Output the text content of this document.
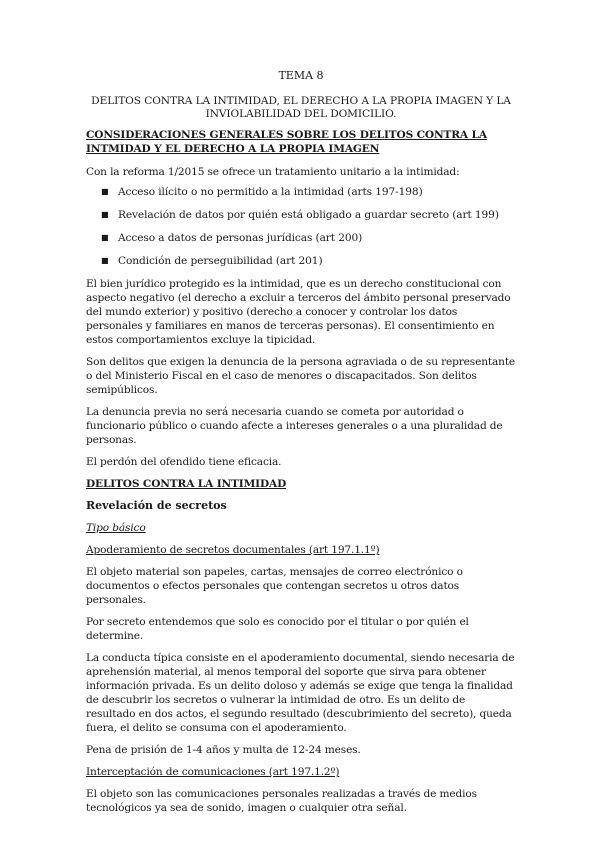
TEMA 8
DELITOS CONTRA LA INTIMIDAD, EL DERECHO A LA PROPIA IMAGEN Y LA
INVIOLABILIDAD DEL DOMICILIO.
CONSIDERACIONES GENERALES SOBRE LOS DELITOS CONTRA LA INTMIDAD Y EL DERECHO A LA PROPIA IMAGEN

Con la reforma 1/2015 se ofrece un tratamiento unitario a la intimidad:

■ Acceso ilícito o no permitido a la intimidad (arts 197-198)
■ Revelación de datos por quién está obligado a guardar secreto (art 199)
■ Acceso a datos de personas jurídicas (art 200)
■ Condición de perseguibilidad (art 201)

El bien jurídico protegido es la intimidad, que es un derecho constitucional con aspecto negativo (el derecho a excluir a terceros del ámbito personal preservado del mundo exterior) y positivo (derecho a conocer y controlar los datos personales y familiares en manos de terceras personas). El consentimiento en estos comportamientos excluye la tipicidad.

Son delitos que exigen la denuncia de la persona agraviada o de su representante o del Ministerio Fiscal en el caso de menores o discapacitados. Son delitos semipúblicos.

La denuncia previa no será necesaria cuando se cometa por autoridad o funcionario público o cuando afecte a intereses generales o a una pluralidad de personas.

El perdón del ofendido tiene eficacia.

DELITOS CONTRA LA INTIMIDAD
Revelación de secretos

Tipo básico

Apoderamiento de secretos documentales (art 197.1.1º)

El objeto material son papeles, cartas, mensajes de correo electrónico o documentos o efectos personales que contengan secretos u otros datos personales.

Por secreto entendemos que solo es conocido por el titular o por quién el determine.

La conducta típica consiste en el apoderamiento documental, siendo necesaria de aprehensión material, al menos temporal del soporte que sirva para obtener información privada. Es un delito doloso y además se exige que tenga la finalidad de descubrir los secretos o vulnerar la intimidad de otro. Es un delito de resultado en dos actos, el segundo resultado (descubrimiento del secreto), queda fuera, el delito se consuma con el apoderamiento.

Pena de prisión de 1-4 años y multa de 12-24 meses.

Interceptación de comunicaciones (art 197.1.2º)

El objeto son las comunicaciones personales realizadas a través de medios tecnológicos ya sea de sonido, imagen o cualquier otra señal.
